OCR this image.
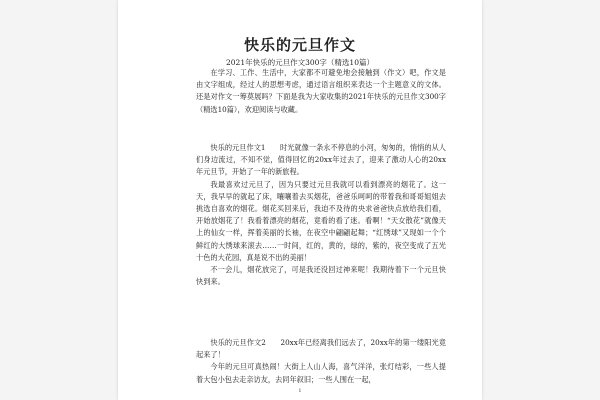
快乐的元旦作文
2021年快乐的元旦作文300字（精选10篇）

在学习、工作、生活中，大家都不可避免地会接触到（作文）吧，作文是由文字组成，经过人的思想考虑，通过语言组织来表达一个主题意义的文体。还是对作文一筹莫展吗？下面是我为大家收集的2021年快乐的元旦作文300字（精选10篇），欢迎阅读与收藏。

快乐的元旦作文1　　时光就像一条永不停息的小河，匆匆的，悄悄的从人们身边流过，不知不觉，值得回忆的20xx年过去了，迎来了激动人心的20xx年元旦节，开始了一年的新旅程。

我最喜欢过元旦了，因为只要过元旦我就可以看到漂亮的烟花了。这一天，我早早的就起了床，嚷嚷着去买烟花，爸爸乐呵呵的带着我和哥哥姐姐去挑选自喜欢的烟花。烟花买回来后，我迫不及待的央求爸爸快点放给我们看，开始放烟花了！我看着漂亮的烟花，竟看的看了迷。看啊！“天女散花”就像天上的仙女一样，挥着美丽的长袖，在夜空中翩翩起舞；“红绣球”又现如一个个鲜红的大绣球来滚去……一时间，红的，黄的，绿的，紫的，夜空变成了五光十色的大花园，真是说不出的美丽！

不一会儿，烟花放完了，可是我还没回过神来呢！我期待着下一个元旦快快到来。

快乐的元旦作文2　　20xx年已经离我们远去了，20xx年的第一缕阳光竟起来了！

今年的元旦可真热闹！大街上人山人海，喜气洋洋，张灯结彩，一些人提着大包小包去走亲访友，去同年叙旧；一些人围在一起，

1
